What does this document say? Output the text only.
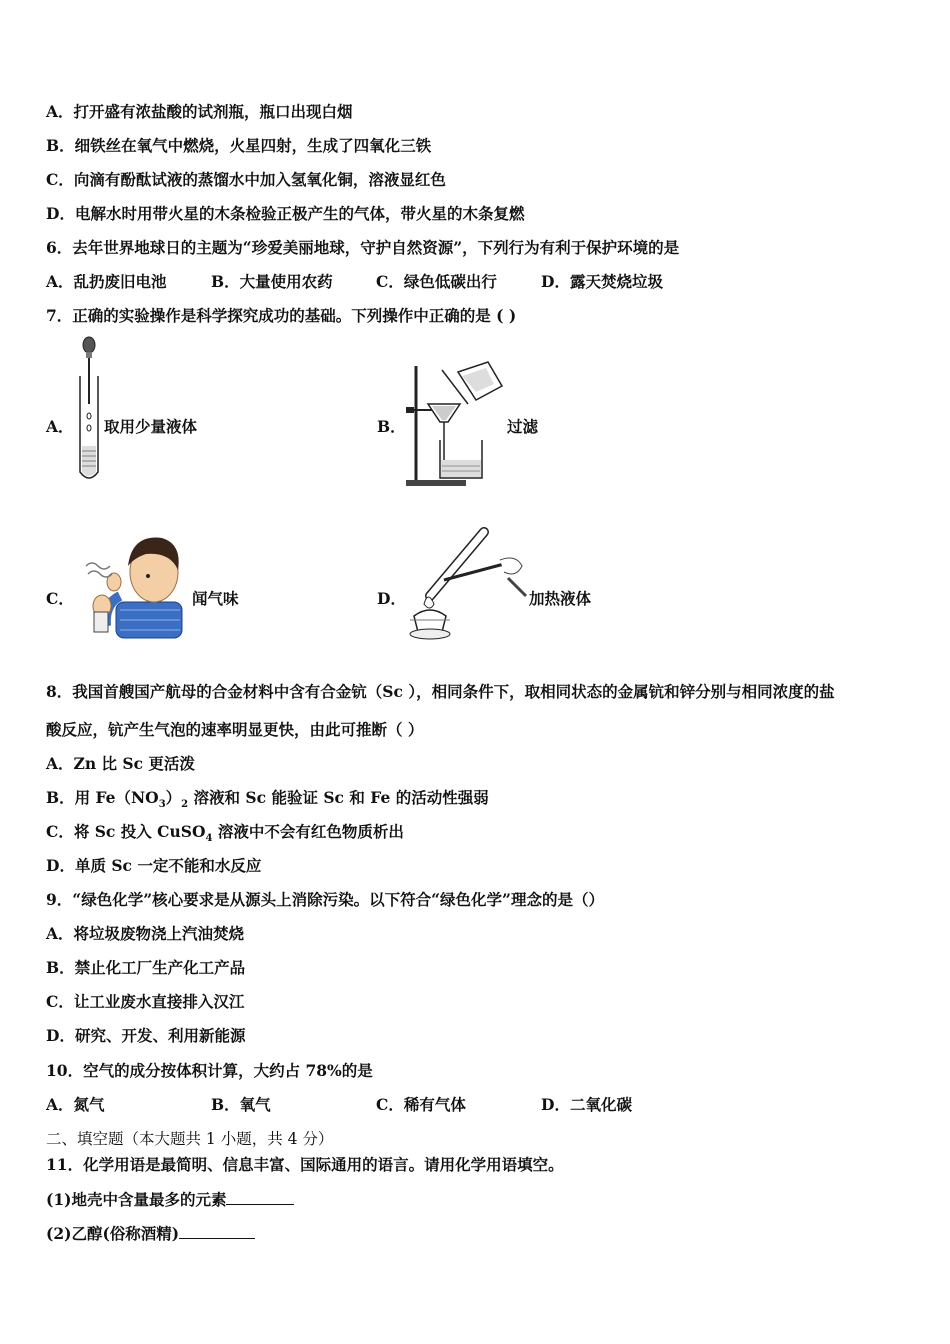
A．打开盛有浓盐酸的试剂瓶，瓶口出现白烟
B．细铁丝在氧气中燃烧，火星四射，生成了四氧化三铁
C．向滴有酚酞试液的蒸馏水中加入氢氧化铜，溶液显红色
D．电解水时用带火星的木条检验正极产生的气体，带火星的木条复燃
6．去年世界地球日的主题为“珍爱美丽地球，守护自然资源”，下列行为有利于保护环境的是
A．乱扔废旧电池	B．大量使用农药	C．绿色低碳出行	D．露天焚烧垃圾
7．正确的实验操作是科学探究成功的基础。下列操作中正确的是 ( )
A． 取用少量液体	B．	过滤
C．	闻气味	D．	加热液体
8．我国首艘国产航母的合金材料中含有合金钪（Sc ），相同条件下，取相同状态的金属钪和锌分别与相同浓度的盐
酸反应，钪产生气泡的速率明显更快，由此可推断（ ）
A．Zn 比 Sc 更活泼
B．用 $Fe(NO_3)_2$ 溶液和 Sc 能验证 Sc 和 Fe 的活动性强弱
C．将 Sc 投入 CuSO$_4$ 溶液中不会有红色物质析出
D．单质 Sc 一定不能和水反应
9．“绿色化学”核心要求是从源头上消除污染。以下符合“绿色化学”理念的是（）
A．将垃圾废物浇上汽油焚烧
B．禁止化工厂生产化工产品
C．让工业废水直接排入汉江
D．研究、开发、利用新能源
10．空气的成分按体积计算，大约占 78%的是
A．氮气	B．氧气	C．稀有气体	D．二氧化碳
二、填空题（本大题共 1 小题，共 4 分）
11．化学用语是最简明、信息丰富、国际通用的语言。请用化学用语填空。
(1)地壳中含量最多的元素
(2)乙醇(俗称酒精)
